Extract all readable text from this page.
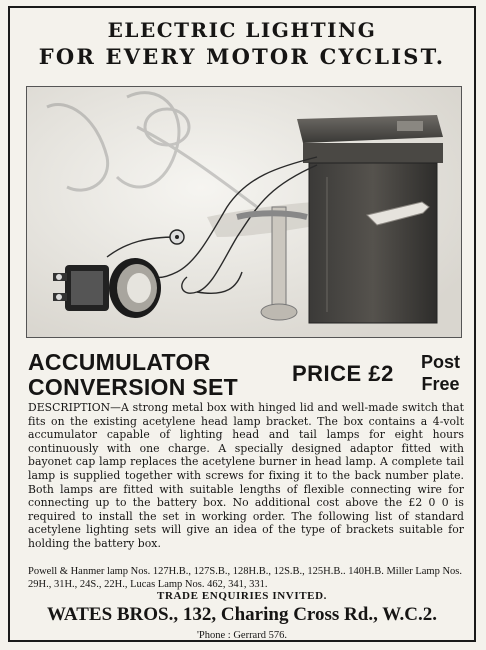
ELECTRIC LIGHTING
FOR EVERY MOTOR CYCLIST.
ACCUMULATOR
CONVERSION SET
PRICE £2 Post
Free
DESCRIPTION—A strong metal box with hinged lid and well-made switch that fits on the existing acetylene head lamp bracket. The box contains a 4-volt accumulator capable of lighting head and tail lamps for eight hours continuously with one charge. A specially designed adaptor fitted with bayonet cap lamp replaces the acetylene burner in head lamp. A complete tail lamp is supplied together with screws for fixing it to the back number plate. Both lamps are fitted with suitable lengths of flexible connecting wire for connecting up to the battery box. No additional cost above the £2 0 0 is required to install the set in working order. The following list of standard acetylene lighting sets will give an idea of the type of brackets suitable for holding the battery box.
Powell & Hanmer lamp Nos. 127H.B., 127S.B., 128H.B., 12S.B., 125H.B.. 140H.B. Miller Lamp Nos. 29H., 31H., 24S., 22H., Lucas Lamp Nos. 462, 341, 331.
TRADE ENQUIRIES INVITED.
WATES BROS., 132, Charing Cross Rd., W.C.2.
'Phone : Gerrard 576.
